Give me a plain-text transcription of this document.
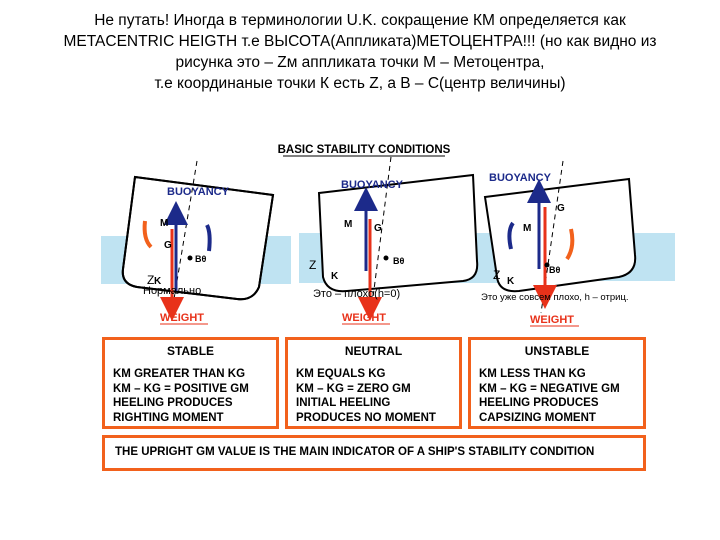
Не путать! Иногда в терминологии U.K. сокращение КМ определяется как
METACENTRIC HEIGTH т.е ВЫСОТА(Аппликата)МЕТОЦЕНТРА!!! (но как видно из
рисунка это – Zм аппликата точки М – Метоцентра,
т.е координаные точки К есть Z, а В – С(центр величины)
BASIC STABILITY CONDITIONS
BUOYANCY
M
G
Bθ
K
Z
WEIGHT
BUOYANCY
M G
Bθ
K
Z
WEIGHT
BUOYANCY
G
M
Bθ
K
Z
WEIGHT
Нормально	Это – плохо(h=0)	Это уже совсем плохо, h – отриц.
STABLE
KM GREATER THAN KG
KM – KG = POSITIVE GM
HEELING PRODUCES
RIGHTING MOMENT
NEUTRAL
KM EQUALS KG
KM – KG = ZERO GM
INITIAL HEELING
PRODUCES NO MOMENT
UNSTABLE
KM LESS THAN KG
KM – KG = NEGATIVE GM
HEELING PRODUCES
CAPSIZING MOMENT
THE UPRIGHT GM VALUE IS THE MAIN INDICATOR OF A SHIP'S STABILITY CONDITION
